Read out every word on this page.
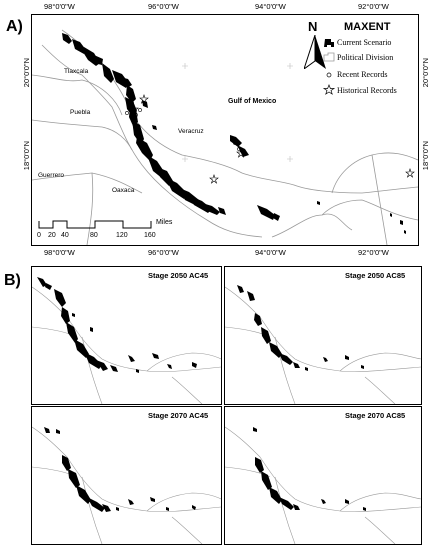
A)
98°0'0"W	96°0'0"W	94°0'0"W	92°0'0"W
20°0'0"N
18°0'0"N
20°0'0"N
18°0'0"N
Tlaxcala
Puebla
Veracruz
Guerrero
Oaxaca
Gulf of Mexico
N MAXENT
Current Scenario
Political Division
Recent Records
Historical Records
Miles
0 20 40	80	120 160
98°0'0"W	96°0'0"W	94°0'0"W	92°0'0"W
B)	Stage 2050 AC45	Stage 2050 AC85
Stage 2070 AC45	Stage 2070 AC85
